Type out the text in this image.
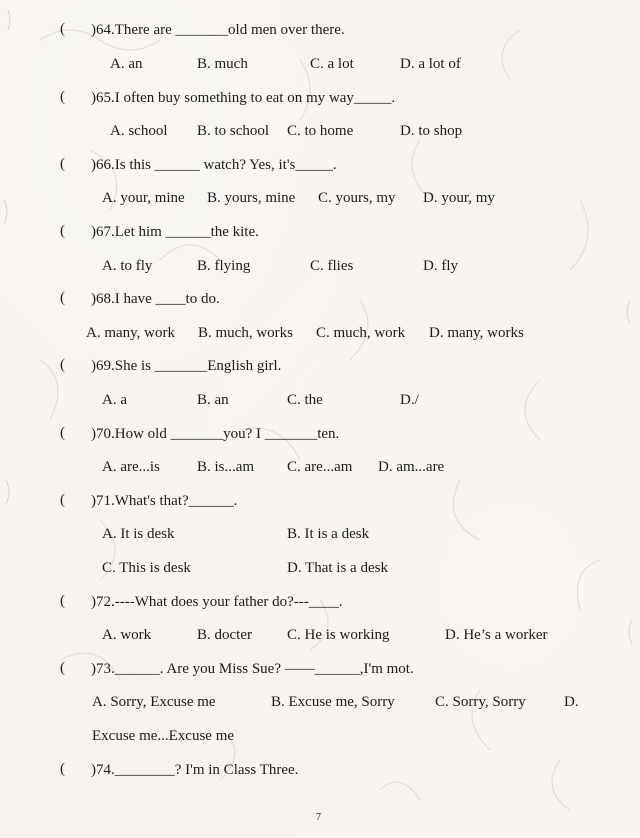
( )64.There are _______old men over there.
A. an	B. much	C. a lot	D. a lot of
( )65.I often buy something to eat on my way_____.
A. school B. to school C. to home	D. to shop
( )66.Is this ______ watch? Yes, it's_____.
A. your, mine B. yours, mine C. yours, my D. your, my
( )67.Let him ______the kite.
A. to fly	B. flying	C. flies	D. fly
( )68.I have ____to do.
A. many, work B. much, works C. much, work D. many, works
( )69.She is _______English girl.
A. a	B. an	C. the	D./
( )70.How old _______you? I _______ten.
A. are...is B. is...am C. are...am D. am...are
( )71.What's that?______.
A. It is desk	B. It is a desk
C. This is desk	D. That is a desk
( )72.----What does your father do?---____.
A. work	B. docter C. He is working	D. He’s a worker
( )73.______. Are you Miss Sue? ——______,I'm mot.
A. Sorry, Excuse me	B. Excuse me, Sorry	C. Sorry, Sorry	D.
Excuse me...Excuse me
( )74.________? I'm in Class Three.
7
